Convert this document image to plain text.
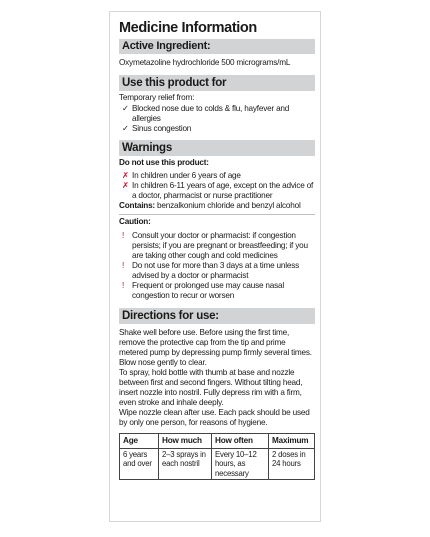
Medicine Information
Active Ingredient:
Oxymetazoline hydrochloride 500 micrograms/mL
Use this product for
Temporary relief from:
✓ Blocked nose due to colds & flu, hayfever and allergies
✓ Sinus congestion
Warnings
Do not use this product:
✗ In children under 6 years of age
✗ In children 6-11 years of age, except on the advice of a doctor, pharmacist or nurse practitioner
Contains: benzalkonium chloride and benzyl alcohol
Caution:
! Consult your doctor or pharmacist: if congestion persists; if you are pregnant or breastfeeding; if you are taking other cough and cold medicines
! Do not use for more than 3 days at a time unless advised by a doctor or pharmacist
! Frequent or prolonged use may cause nasal congestion to recur or worsen
Directions for use:
Shake well before use. Before using the first time, remove the protective cap from the tip and prime metered pump by depressing pump firmly several times. Blow nose gently to clear.
To spray, hold bottle with thumb at base and nozzle between first and second fingers. Without tilting head, insert nozzle into nostril. Fully depress rim with a firm, even stroke and inhale deeply.
Wipe nozzle clean after use. Each pack should be used by only one person, for reasons of hygiene.
Age	How much	How often	Maximum
6 years and over	2–3 sprays in each nostril	Every 10–12 hours, as necessary	2 doses in 24 hours
